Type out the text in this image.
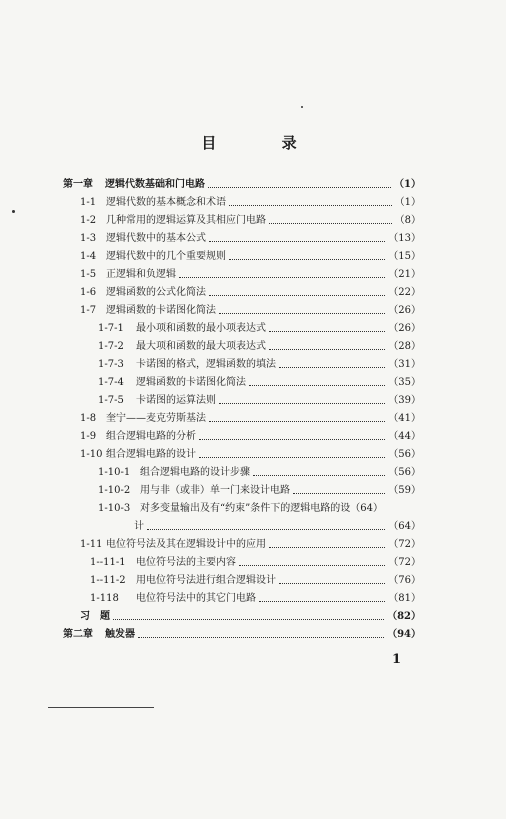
目 录
第一章	逻辑代数基础和门电路	（1）
1-1 逻辑代数的基本概念和术语	（1）
1-2 几种常用的逻辑运算及其相应门电路	（8）
1-3 逻辑代数中的基本公式	（13）
1-4 逻辑代数中的几个重要规则	（15）
1-5 正逻辑和负逻辑	（21）
1-6 逻辑函数的公式化简法	（22）
1-7 逻辑函数的卡诺图化简法	（26）
1-7-1	最小项和函数的最小项表达式	（26）
1-7-2	最大项和函数的最大项表达式	（28）
1-7-3	卡诺图的格式，逻辑函数的填法	（31）
1-7-4	逻辑函数的卡诺图化简法	（35）
1-7-5	卡诺图的运算法则	（39）
1-8 奎宁——麦克劳斯基法	（41）
1-9 组合逻辑电路的分析	（44）
1-10 组合逻辑电路的设计	（56）
1-10-1 组合逻辑电路的设计步骤	（56）
1-10-2 用与非（或非）单一门来设计电路	（59）
1-10-3 对多变量输出及有“约束”条件下的逻辑电路的设 （64）
计	（64）
1-11 电位符号法及其在逻辑设计中的应用	（72）
1--11-1	电位符号法的主要内容	（72）
1--11-2	用电位符号法进行组合逻辑设计	（76）
1-118	电位符号法中的其它门电路	（81）
习　题	（82）
第二章	触发器	（94）
1
